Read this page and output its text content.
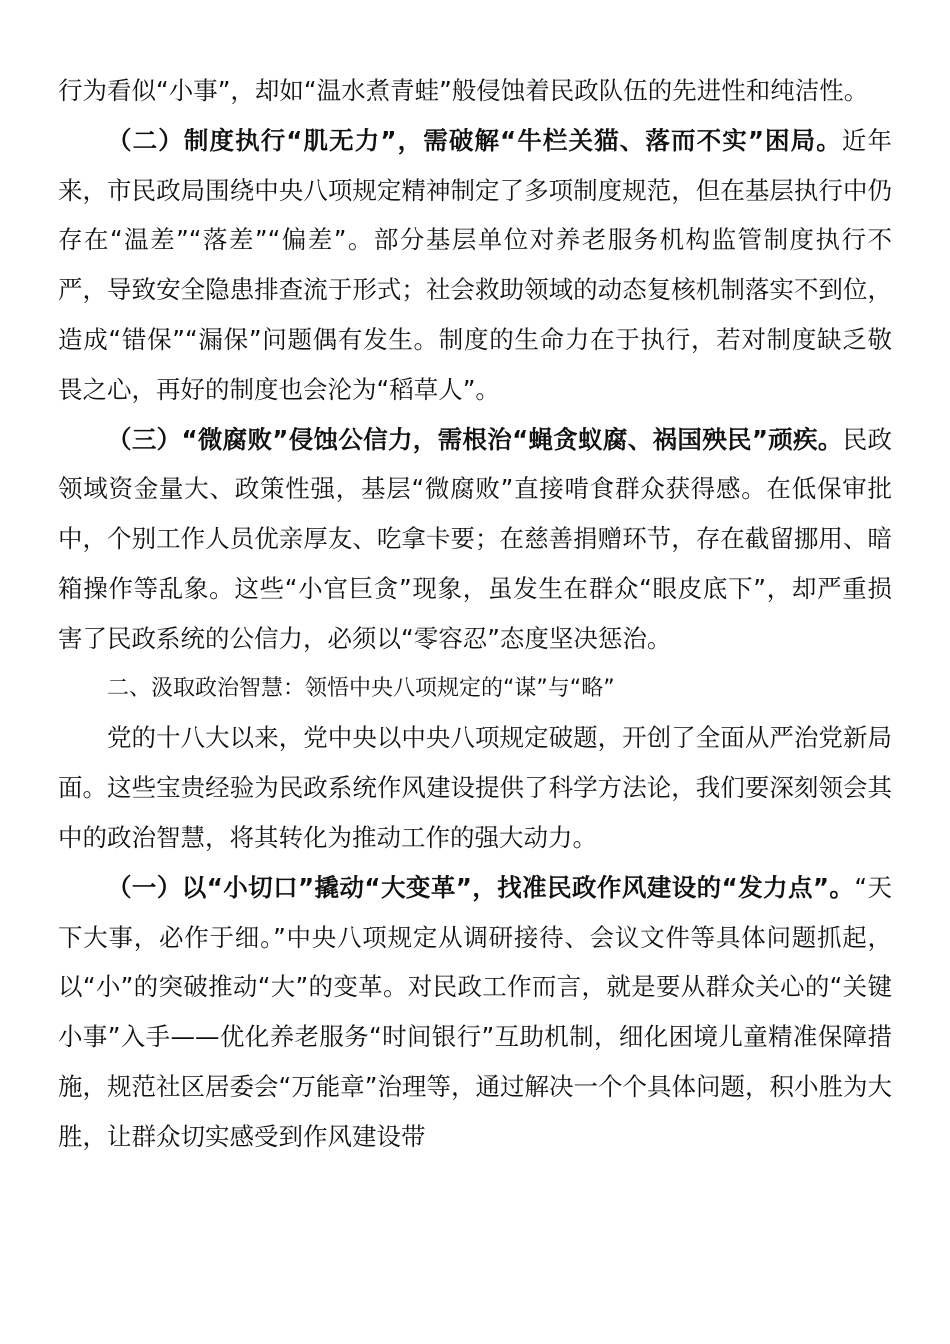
行为看似“小事”，却如“温水煮青蛙”般侵蚀着民政队伍的先进性和纯洁性。

（二）制度执行“肌无力”，需破解“牛栏关猫、落而不实”困局。近年来，市民政局围绕中央八项规定精神制定了多项制度规范，但在基层执行中仍存在“温差”“落差”“偏差”。部分基层单位对养老服务机构监管制度执行不严，导致安全隐患排查流于形式；社会救助领域的动态复核机制落实不到位，造成“错保”“漏保”问题偶有发生。制度的生命力在于执行，若对制度缺乏敬畏之心，再好的制度也会沦为“稻草人”。

（三）“微腐败”侵蚀公信力，需根治“蝇贪蚁腐、祸国殃民”顽疾。民政领域资金量大、政策性强，基层“微腐败”直接啃食群众获得感。在低保审批中，个别工作人员优亲厚友、吃拿卡要；在慈善捐赠环节，存在截留挪用、暗箱操作等乱象。这些“小官巨贪”现象，虽发生在群众“眼皮底下”，却严重损害了民政系统的公信力，必须以“零容忍”态度坚决惩治。

二、汲取政治智慧：领悟中央八项规定的“谋”与“略”

党的十八大以来，党中央以中央八项规定破题，开创了全面从严治党新局面。这些宝贵经验为民政系统作风建设提供了科学方法论，我们要深刻领会其中的政治智慧，将其转化为推动工作的强大动力。

（一）以“小切口”撬动“大变革”，找准民政作风建设的“发力点”。“天下大事，必作于细。”中央八项规定从调研接待、会议文件等具体问题抓起，以“小”的突破推动“大”的变革。对民政工作而言，就是要从群众关心的“关键小事”入手——优化养老服务“时间银行”互助机制，细化困境儿童精准保障措施，规范社区居委会“万能章”治理等，通过解决一个个具体问题，积小胜为大胜，让群众切实感受到作风建设带
